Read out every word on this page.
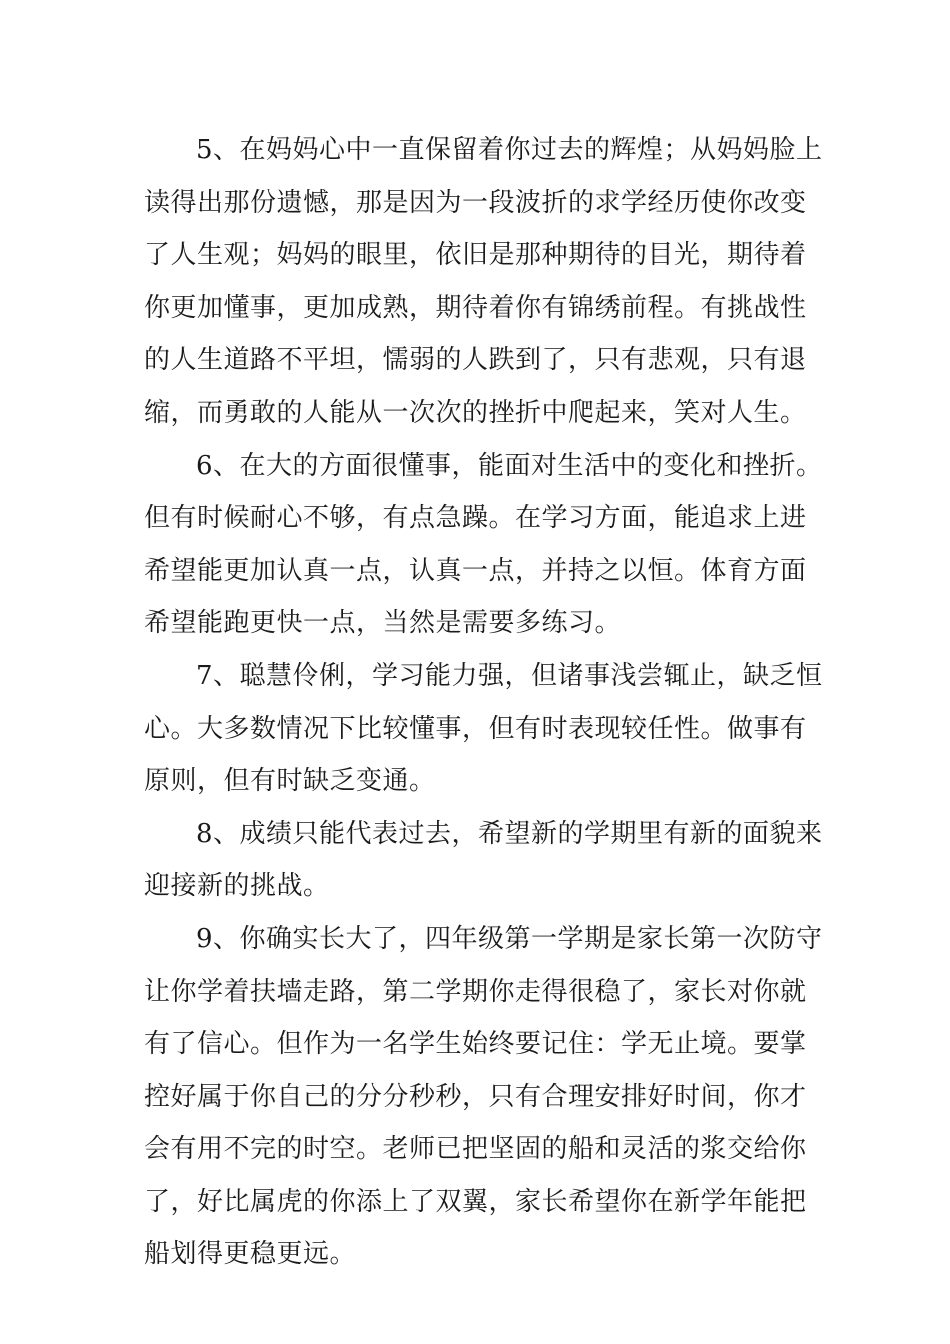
5、在妈妈心中一直保留着你过去的辉煌；从妈妈脸上
读得出那份遗憾，那是因为一段波折的求学经历使你改变
了人生观；妈妈的眼里，依旧是那种期待的目光，期待着
你更加懂事，更加成熟，期待着你有锦绣前程。有挑战性
的人生道路不平坦，懦弱的人跌到了，只有悲观，只有退
缩，而勇敢的人能从一次次的挫折中爬起来，笑对人生。

6、在大的方面很懂事，能面对生活中的变化和挫折。
但有时候耐心不够，有点急躁。在学习方面，能追求上进
希望能更加认真一点，认真一点，并持之以恒。体育方面
希望能跑更快一点，当然是需要多练习。

7、聪慧伶俐，学习能力强，但诸事浅尝辄止，缺乏恒
心。大多数情况下比较懂事，但有时表现较任性。做事有
原则，但有时缺乏变通。

8、成绩只能代表过去，希望新的学期里有新的面貌来
迎接新的挑战。

9、你确实长大了，四年级第一学期是家长第一次防守
让你学着扶墙走路，第二学期你走得很稳了，家长对你就
有了信心。但作为一名学生始终要记住：学无止境。要掌
控好属于你自己的分分秒秒，只有合理安排好时间，你才
会有用不完的时空。老师已把坚固的船和灵活的浆交给你
了，好比属虎的你添上了双翼，家长希望你在新学年能把
船划得更稳更远。
